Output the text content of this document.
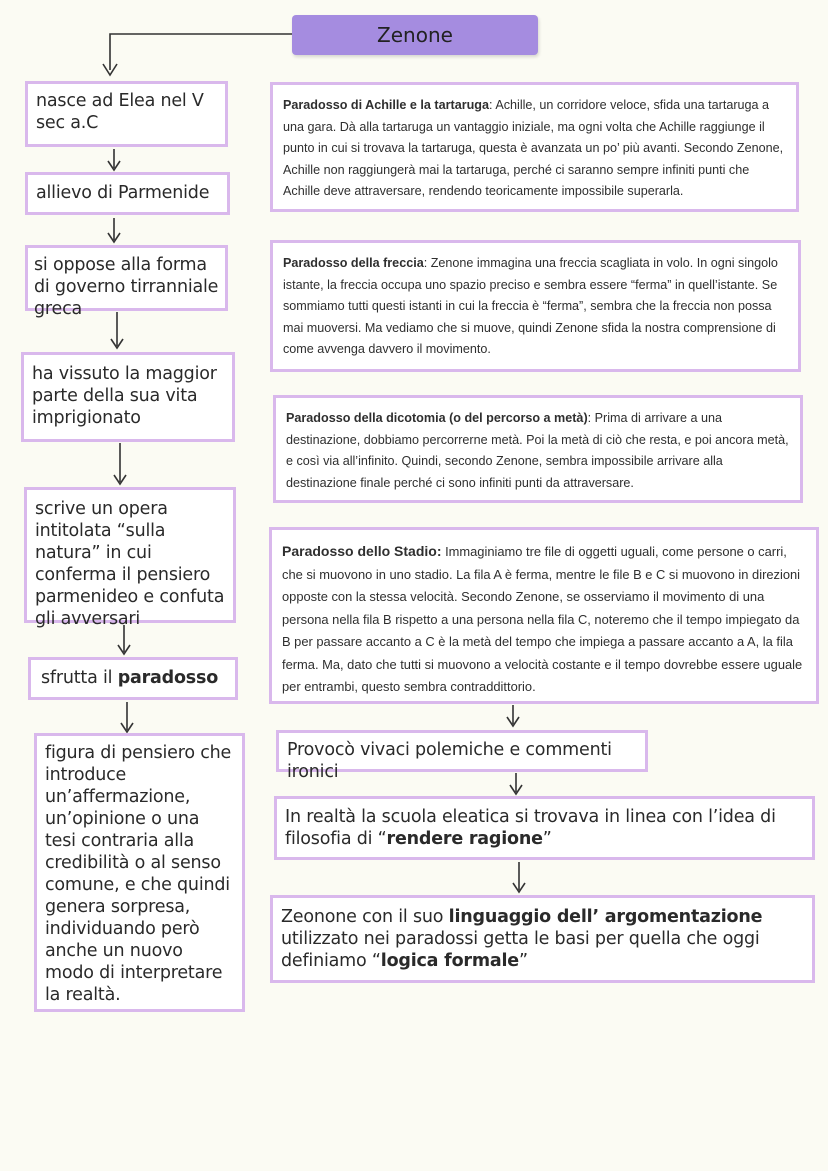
Zenone
nasce ad Elea nel V sec a.C
allievo di Parmenide
si oppose alla forma di governo tirranniale greca
ha vissuto la maggior parte della sua vita imprigionato
scrive un opera intitolata “sulla natura” in cui conferma il pensiero parmenideo e confuta gli avversari
sfrutta il paradosso
figura di pensiero che introduce un’affermazione, un’opinione o una tesi contraria alla credibilità o al senso comune, e che quindi genera sorpresa, individuando però anche un nuovo modo di interpretare la realtà.
Paradosso di Achille e la tartaruga: Achille, un corridore veloce, sfida una tartaruga a una gara. Dà alla tartaruga un vantaggio iniziale, ma ogni volta che Achille raggiunge il punto in cui si trovava la tartaruga, questa è avanzata un po’ più avanti. Secondo Zenone, Achille non raggiungerà mai la tartaruga, perché ci saranno sempre infiniti punti che Achille deve attraversare, rendendo teoricamente impossibile superarla.
Paradosso della freccia: Zenone immagina una freccia scagliata in volo. In ogni singolo istante, la freccia occupa uno spazio preciso e sembra essere “ferma” in quell’istante. Se sommiamo tutti questi istanti in cui la freccia è “ferma”, sembra che la freccia non possa mai muoversi. Ma vediamo che si muove, quindi Zenone sfida la nostra comprensione di come avvenga davvero il movimento.
Paradosso della dicotomia (o del percorso a metà): Prima di arrivare a una destinazione, dobbiamo percorrerne metà. Poi la metà di ciò che resta, e poi ancora metà, e così via all’infinito. Quindi, secondo Zenone, sembra impossibile arrivare alla destinazione finale perché ci sono infiniti punti da attraversare.
Paradosso dello Stadio: Immaginiamo tre file di oggetti uguali, come persone o carri, che si muovono in uno stadio. La fila A è ferma, mentre le file B e C si muovono in direzioni opposte con la stessa velocità. Secondo Zenone, se osserviamo il movimento di una persona nella fila B rispetto a una persona nella fila C, noteremo che il tempo impiegato da B per passare accanto a C è la metà del tempo che impiega a passare accanto a A, la fila ferma. Ma, dato che tutti si muovono a velocità costante e il tempo dovrebbe essere uguale per entrambi, questo sembra contraddittorio.
Provocò vivaci polemiche e commenti ironici
In realtà la scuola eleatica si trovava in linea con l’idea di filosofia di “rendere ragione”
Zeonone con il suo linguaggio dell’ argomentazione utilizzato nei paradossi getta le basi per quella che oggi definiamo “logica formale”
